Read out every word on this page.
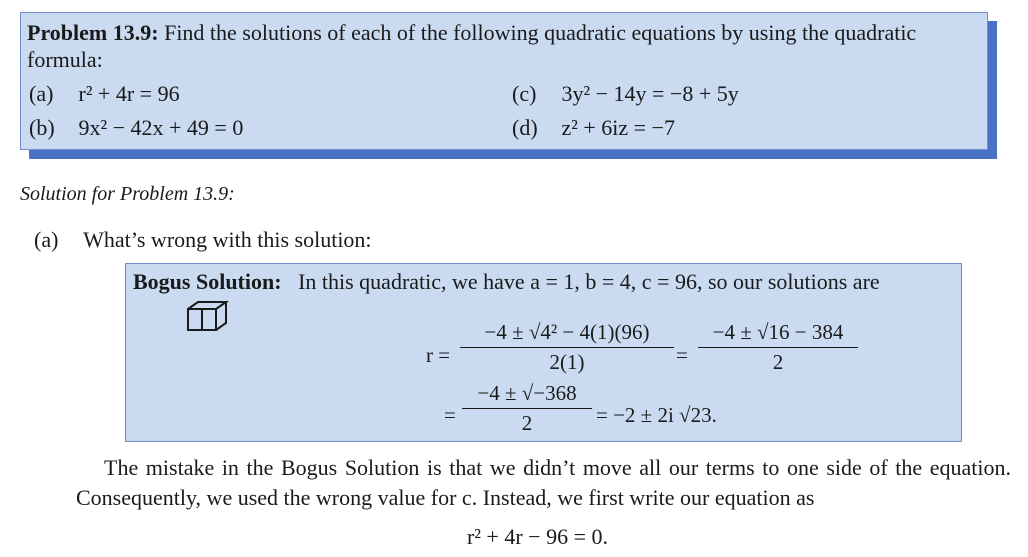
Problem 13.9: Find the solutions of each of the following quadratic equations by using the quadratic formula:
(a) r² + 4r = 96
(b) 9x² − 42x + 49 = 0
(c) 3y² − 14y = −8 + 5y
(d) z² + 6iz = −7
Solution for Problem 13.9:
(a) What’s wrong with this solution:
Bogus Solution: In this quadratic, we have a = 1, b = 4, c = 96, so our solutions are
$r = \frac{\text{−4 ± √4² − 4(1)(96)}}{2(1)} = \frac{-4 \pm √16 - 384}{2}$
= $\frac{-4 \pm √-368}{2} = -2 \pm 2i$ √23.
The mistake in the Bogus Solution is that we didn’t move all our terms to one side of the equation. Consequently, we used the wrong value for c. Instead, we first write our equation as
r² + 4r − 96 = 0.
